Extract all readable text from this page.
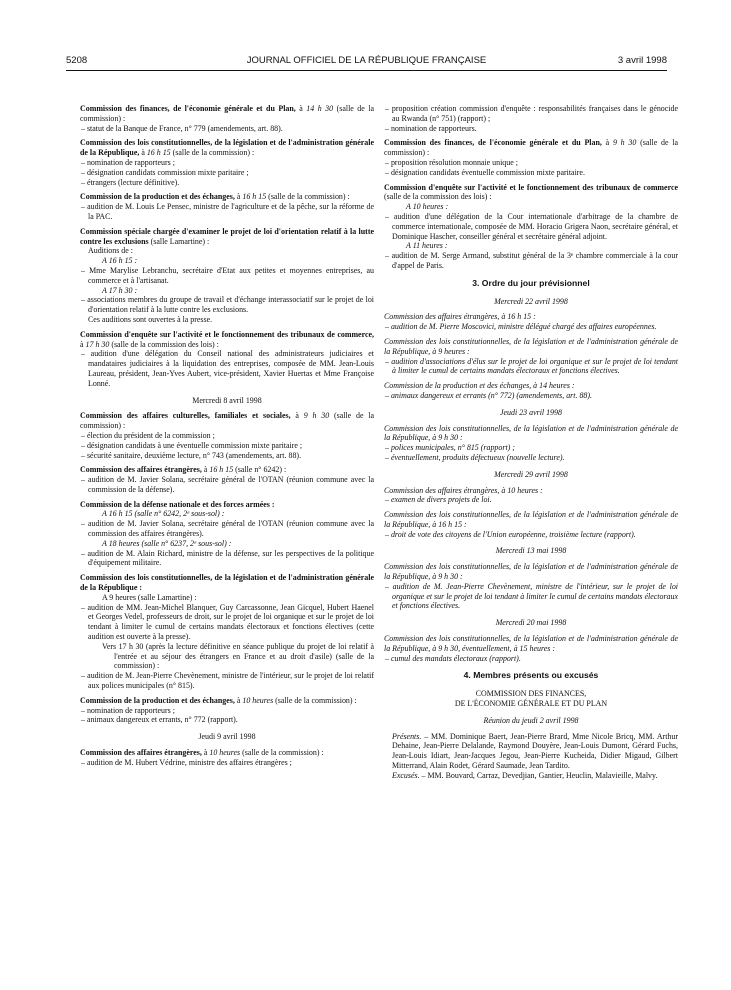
5208	JOURNAL OFFICIEL DE LA RÉPUBLIQUE FRANÇAISE	3 avril 1998

Commission des finances, de l'économie générale et du Plan, à 14 h 30 (salle de la commission) :

– statut de la Banque de France, n° 779 (amendements, art. 88).

Commission des lois constitutionnelles, de la législation et de l'administration générale de la République, à 16 h 15 (salle de la commission) :

– nomination de rapporteurs ;

– désignation candidats commission mixte paritaire ;

– étrangers (lecture définitive).

Commission de la production et des échanges, à 16 h 15 (salle de la commission) :

– audition de M. Louis Le Pensec, ministre de l'agriculture et de la pêche, sur la réforme de la PAC.

Commission spéciale chargée d'examiner le projet de loi d'orientation relatif à la lutte contre les exclusions (salle Lamartine) :

Auditions de :

A 16 h 15 :

– Mme Marylise Lebranchu, secrétaire d'Etat aux petites et moyennes entreprises, au commerce et à l'artisanat.

A 17 h 30 :

– associations membres du groupe de travail et d'échange interassociatif sur le projet de loi d'orientation relatif à la lutte contre les exclusions.

Ces auditions sont ouvertes à la presse.

Commission d'enquête sur l'activité et le fonctionnement des tribunaux de commerce, à 17 h 30 (salle de la commission des lois) :

– audition d'une délégation du Conseil national des administrateurs judiciaires et mandataires judiciaires à la liquidation des entreprises, composée de MM. Jean-Louis Laureau, président, Jean-Yves Aubert, vice-président, Xavier Huertas et Mme Françoise Lonné.

Mercredi 8 avril 1998

Commission des affaires culturelles, familiales et sociales, à 9 h 30 (salle de la commission) :

– élection du président de la commission ;

– désignation candidats à une éventuelle commission mixte paritaire ;

– sécurité sanitaire, deuxième lecture, n° 743 (amendements, art. 88).

Commission des affaires étrangères, à 16 h 15 (salle n° 6242) :

– audition de M. Javier Solana, secrétaire général de l'OTAN (réunion commune avec la commission de la défense).

Commission de la défense nationale et des forces armées :

A 16 h 15 (salle n° 6242, 2ᵉ sous-sol) :

– audition de M. Javier Solana, secrétaire général de l'OTAN (réunion commune avec la commission des affaires étrangères).

A 18 heures (salle n° 6237, 2ᵉ sous-sol) :

– audition de M. Alain Richard, ministre de la défense, sur les perspectives de la politique d'équipement militaire.

Commission des lois constitutionnelles, de la législation et de l'administration générale de la République :

A 9 heures (salle Lamartine) :

– audition de MM. Jean-Michel Blanquer, Guy Carcassonne, Jean Gicquel, Hubert Haenel et Georges Vedel, professeurs de droit, sur le projet de loi organique et sur le projet de loi tendant à limiter le cumul de certains mandats électoraux et fonctions électives (cette audition est ouverte à la presse).

Vers 17 h 30 (après la lecture définitive en séance publique du projet de loi relatif à l'entrée et au séjour des étrangers en France et au droit d'asile) (salle de la commission) :

– audition de M. Jean-Pierre Chevènement, ministre de l'intérieur, sur le projet de loi relatif aux polices municipales (n° 815).

Commission de la production et des échanges, à 10 heures (salle de la commission) :

– nomination de rapporteurs ;

– animaux dangereux et errants, n° 772 (rapport).

Jeudi 9 avril 1998

Commission des affaires étrangères, à 10 heures (salle de la commission) :

– audition de M. Hubert Védrine, ministre des affaires étrangères ;

– proposition création commission d'enquête : responsabilités françaises dans le génocide au Rwanda (n° 751) (rapport) ;

– nomination de rapporteurs.

Commission des finances, de l'économie générale et du Plan, à 9 h 30 (salle de la commission) :

– proposition résolution monnaie unique ;

– désignation candidats éventuelle commission mixte paritaire.

Commission d'enquête sur l'activité et le fonctionnement des tribunaux de commerce (salle de la commission des lois) :

A 10 heures :

– audition d'une délégation de la Cour internationale d'arbitrage de la chambre de commerce internationale, composée de MM. Horacio Grigera Naon, secrétaire général, et Dominique Hascher, conseiller général et secrétaire général adjoint.

A 11 heures :

– audition de M. Serge Armand, substitut général de la 3ᵉ chambre commerciale à la cour d'appel de Paris.

3. Ordre du jour prévisionnel

Mercredi 22 avril 1998

Commission des affaires étrangères, à 16 h 15 :

– audition de M. Pierre Moscovici, ministre délégué chargé des affaires européennes.

Commission des lois constitutionnelles, de la législation et de l'administration générale de la République, à 9 heures :

– audition d'associations d'élus sur le projet de loi organique et sur le projet de loi tendant à limiter le cumul de certains mandats électoraux et fonctions électives.

Commission de la production et des échanges, à 14 heures :

– animaux dangereux et errants (n° 772) (amendements, art. 88).

Jeudi 23 avril 1998

Commission des lois constitutionnelles, de la législation et de l'administration générale de la République, à 9 h 30 :

– polices municipales, n° 815 (rapport) ;

– éventuellement, produits défectueux (nouvelle lecture).

Mercredi 29 avril 1998

Commission des affaires étrangères, à 10 heures :

– examen de divers projets de loi.

Commission des lois constitutionnelles, de la législation et de l'administration générale de la République, à 16 h 15 :

– droit de vote des citoyens de l'Union européenne, troisième lecture (rapport).

Mercredi 13 mai 1998

Commission des lois constitutionnelles, de la législation et de l'administration générale de la République, à 9 h 30 :

– audition de M. Jean-Pierre Chevènement, ministre de l'intérieur, sur le projet de loi organique et sur le projet de loi tendant à limiter le cumul de certains mandats électoraux et fonctions électives.

Mercredi 20 mai 1998

Commission des lois constitutionnelles, de la législation et de l'administration générale de la République, à 9 h 30, éventuellement, à 15 heures :

– cumul des mandats électoraux (rapport).

4. Membres présents ou excusés

COMMISSION DES FINANCES,

DE L'ÉCONOMIE GÉNÉRALE ET DU PLAN

Réunion du jeudi 2 avril 1998

Présents. – MM. Dominique Baert, Jean-Pierre Brard, Mme Nicole Bricq, MM. Arthur Dehaine, Jean-Pierre Delalande, Raymond Douyère, Jean-Louis Dumont, Gérard Fuchs, Jean-Louis Idiart, Jean-Jacques Jegou, Jean-Pierre Kucheida, Didier Migaud, Gilbert Mitterrand, Alain Rodet, Gérard Saumade, Jean Tardito.

Excusés. – MM. Bouvard, Carraz, Devedjian, Gantier, Heuclin, Malavieille, Malvy.
